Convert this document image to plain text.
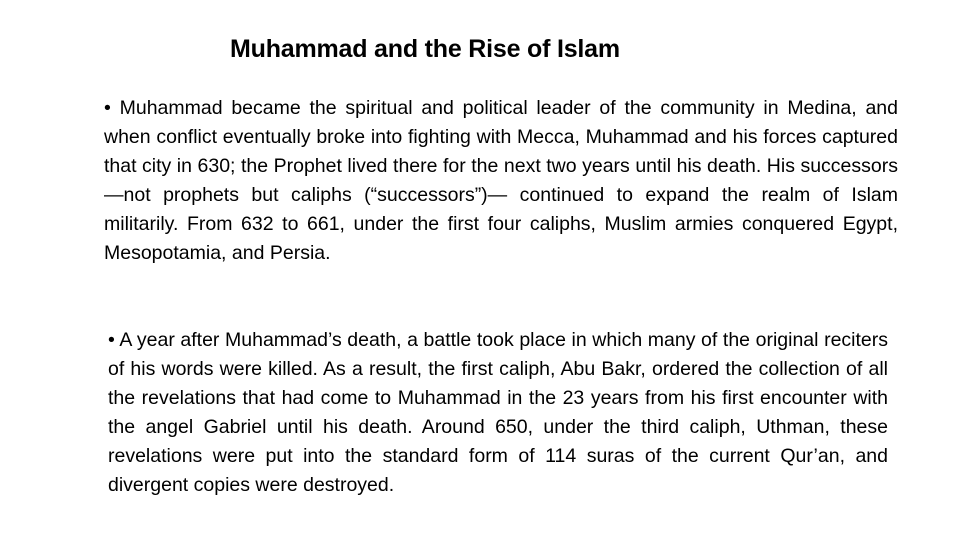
Muhammad and the Rise of Islam

• Muhammad became the spiritual and political leader of the community in Medina, and when conflict eventually broke into fighting with Mecca, Muhammad and his forces captured that city in 630; the Prophet lived there for the next two years until his death. His successors—not prophets but caliphs (“successors”)— continued to expand the realm of Islam militarily. From 632 to 661, under the first four caliphs, Muslim armies conquered Egypt, Mesopotamia, and Persia.

• A year after Muhammad’s death, a battle took place in which many of the original reciters of his words were killed. As a result, the first caliph, Abu Bakr, ordered the collection of all the revelations that had come to Muhammad in the 23 years from his first encounter with the angel Gabriel until his death. Around 650, under the third caliph, Uthman, these revelations were put into the standard form of 114 suras of the current Qur’an, and divergent copies were destroyed.
